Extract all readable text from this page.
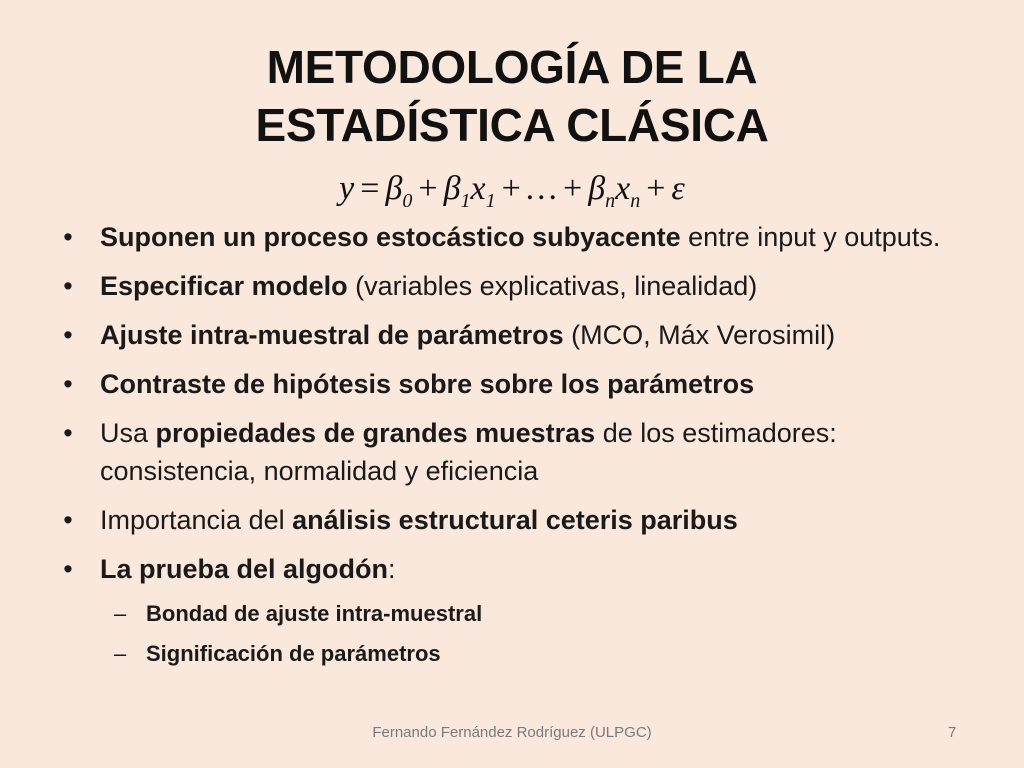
METODOLOGÍA DE LA
ESTADÍSTICA CLÁSICA
$y = \beta_0 + \beta_1x_1$ + … + $\beta_nx_n + \varepsilon$
• Suponen un proceso estocástico subyacente entre input y outputs.
• Especificar modelo (variables explicativas, linealidad)
• Ajuste intra-muestral de parámetros (MCO, Máx Verosimil)
• Contraste de hipótesis sobre sobre los parámetros
• Usa propiedades de grandes muestras de los estimadores: consistencia, normalidad y eficiencia
• Importancia del análisis estructural ceteris paribus
• La prueba del algodón:
– Bondad de ajuste intra-muestral
– Significación de parámetros
Fernando Fernández Rodríguez (ULPGC)	7
